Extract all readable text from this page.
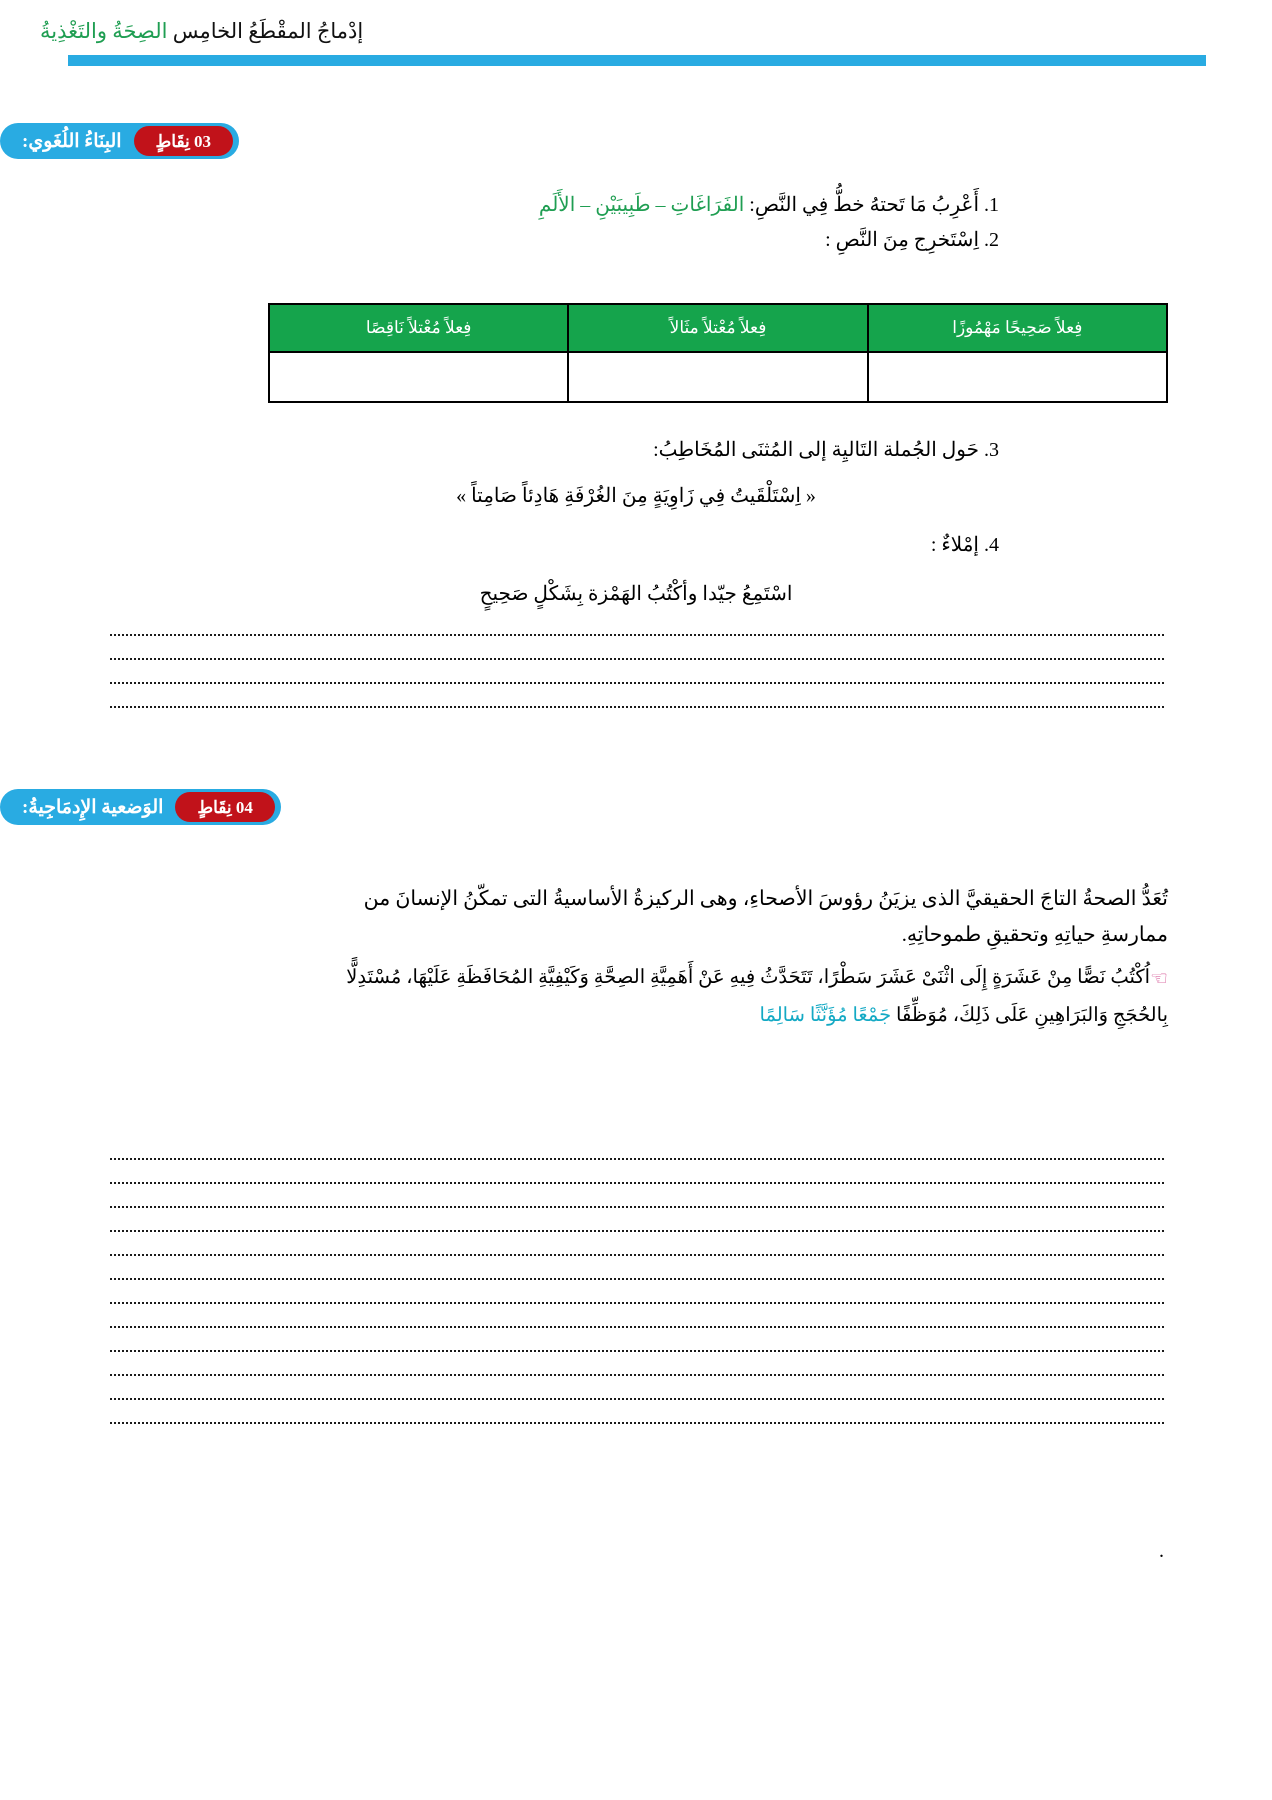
إدْماجُ المقْطَعُ الخامِس الصِحَةُ والتَغْذِيةُ
03 نِقَاطٍ
البِنَاءُ اللُغَوي:
1. أَعْرِبُ مَا تَحتهُ خطُّ فِي النَّصِ: الفَرَاغَاتِ – طَبِيبَيْنِ – الأَلَمِ
2. اِسْتَخرِج مِنَ النَّصِ :
فِعلاً صَحِيحًا مَهْمُوزًا	فِعلاً مُعْتلاً مثَالاً	فِعلاً مُعْتلاً نَاقِصًا

3. حَول الجُملة التَاليِة إلى المُثنَى المُخَاطِبُ:
« اِسْتَلْقَيتُ فِي زَاوِيَةٍ مِنَ الغُرْفَةِ هَادِئاً صَامِتاً »
4. إمْلاءٌ :
اسْتَمِعُ جيّدا وأكْتُبُ الهَمْزة بِشَكْلٍ صَحِيحٍ
04 نِقَاطٍ
الوَضعية الإِدمَاجِيةُ:
تُعَدُّ الصحةُ التاجَ الحقيقيَّ الذى يزيَنُ رؤوسَ الأصحاءِ، وهى الركيزةُ الأساسيةُ التى تمكّنُ الإنسانَ من
ممارسةِ حياتِهِ وتحقيقِ طموحاتِهِ.
☞اُكْتُبُ نَصًّا مِنْ عَشَرَةٍ إِلَى اثْنَىْ عَشَرَ سَطْرًا، تَتَحَدَّثُ فِيهِ عَنْ أَهَمِيَّةِ الصِحَّةِ وَكَيْفِيَّةِ المُحَافَظَةِ عَلَيْهَا، مُسْتَدِلًّا
بِالحُجَجِ وَالبَرَاهِينِ عَلَى ذَلِكَ، مُوَظِّفًا جَمْعًا مُؤَنَّثًا سَالِمًا
.
